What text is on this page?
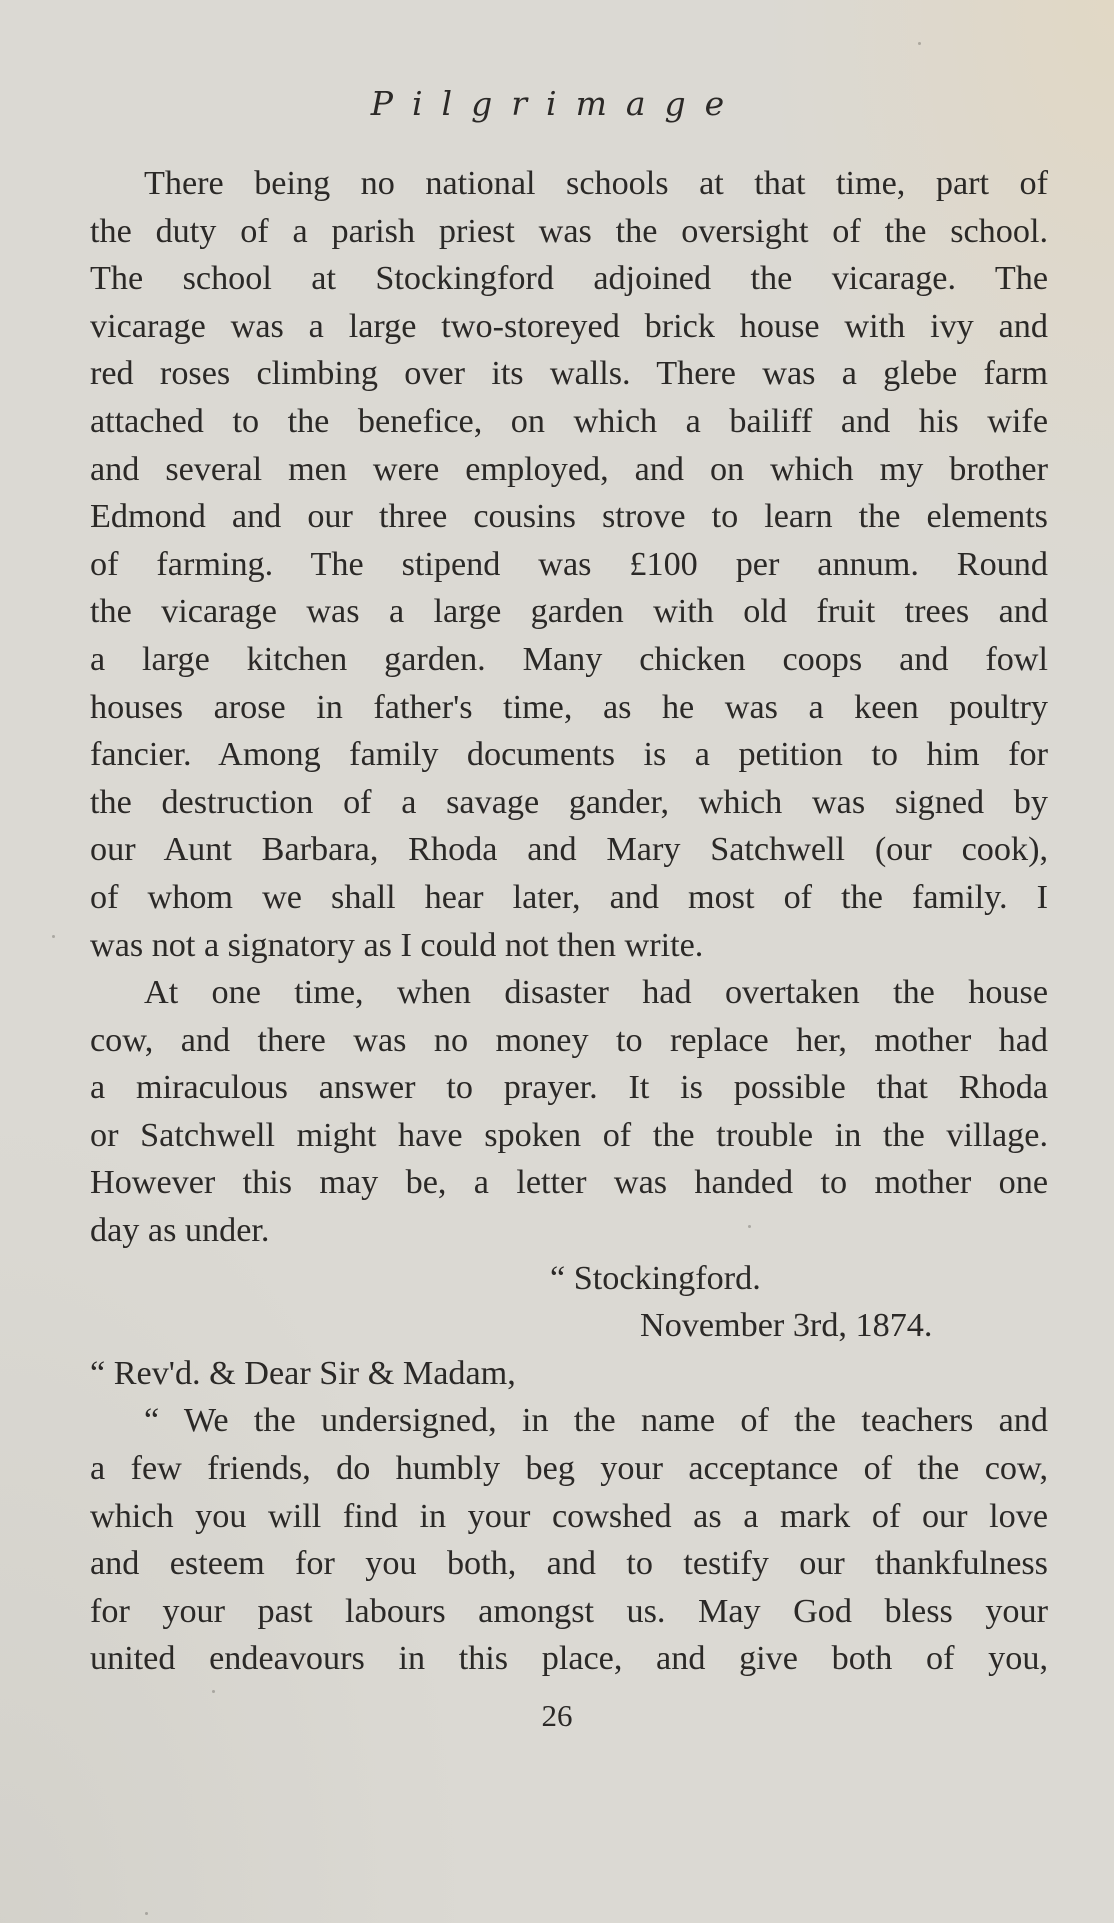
Pilgrimage
There being no national schools at that time, part of
the duty of a parish priest was the oversight of the school.
The school at Stockingford adjoined the vicarage. The
vicarage was a large two-storeyed brick house with ivy and
red roses climbing over its walls. There was a glebe farm
attached to the benefice, on which a bailiff and his wife
and several men were employed, and on which my brother
Edmond and our three cousins strove to learn the elements
of farming. The stipend was £100 per annum. Round
the vicarage was a large garden with old fruit trees and
a large kitchen garden. Many chicken coops and fowl
houses arose in father's time, as he was a keen poultry
fancier. Among family documents is a petition to him for
the destruction of a savage gander, which was signed by
our Aunt Barbara, Rhoda and Mary Satchwell (our cook),
of whom we shall hear later, and most of the family. I
was not a signatory as I could not then write.
At one time, when disaster had overtaken the house
cow, and there was no money to replace her, mother had
a miraculous answer to prayer. It is possible that Rhoda
or Satchwell might have spoken of the trouble in the village.
However this may be, a letter was handed to mother one
day as under.
“ Stockingford.
November 3rd, 1874.
“ Rev'd. & Dear Sir & Madam,
“ We the undersigned, in the name of the teachers and
a few friends, do humbly beg your acceptance of the cow,
which you will find in your cowshed as a mark of our love
and esteem for you both, and to testify our thankfulness
for your past labours amongst us. May God bless your
united endeavours in this place, and give both of you,
26
